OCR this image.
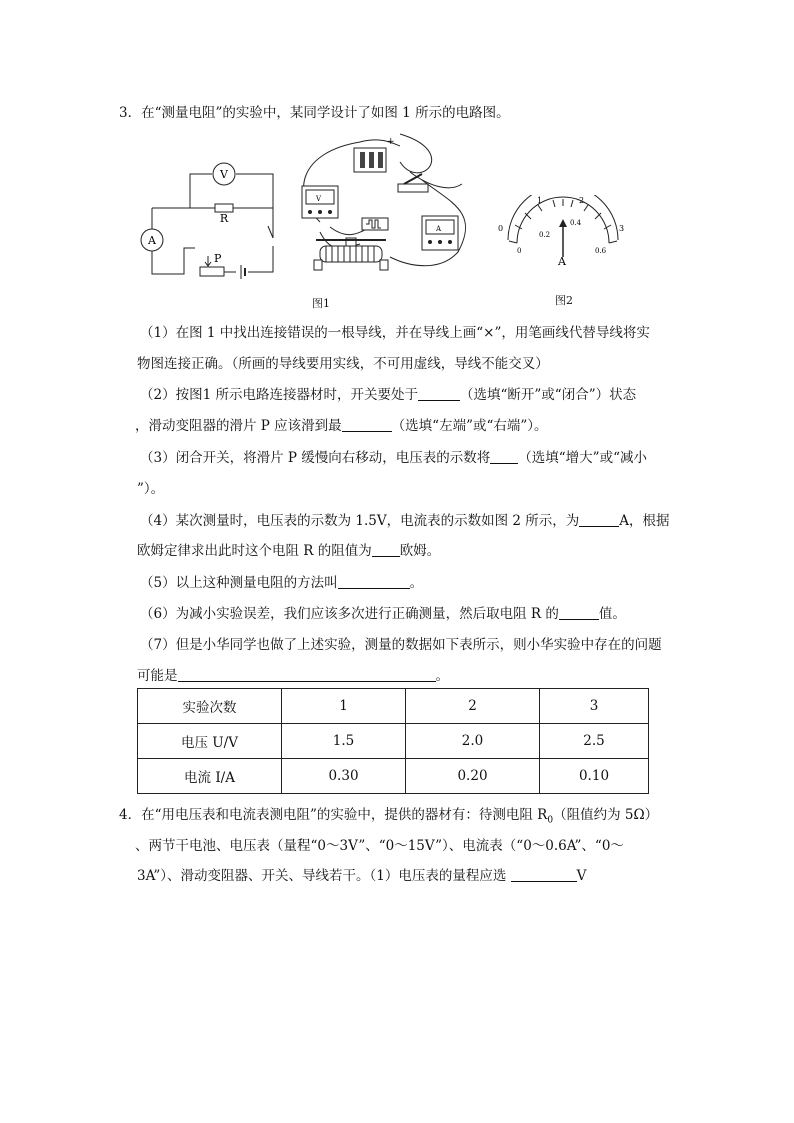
3．在“测量电阻”的实验中，某同学设计了如图 1 所示的电路图。
V
A
R
P
+
V
A
图1
0
1	2
3
0
0.2
0.4
0.6
A
图2
（1）在图 1 中找出连接错误的一根导线，并在导线上画“×”，用笔画线代替导线将实
物图连接正确。（所画的导线要用实线，不可用虚线，导线不能交叉）
（2）按图1 所示电路连接器材时，开关要处于	（选填“断开”或“闭合”）状态
，滑动变阻器的滑片 P 应该滑到最	（选填“左端”或“右端”）。
（3）闭合开关，将滑片 P 缓慢向右移动，电压表的示数将 （选填“增大”或“减小
”）。
（4）某次测量时，电压表的示数为 1.5V，电流表的示数如图 2 所示，为	A，根据
欧姆定律求出此时这个电阻 R 的阻值为 欧姆。
（5）以上这种测量电阻的方法叫	。
（6）为减小实验误差，我们应该多次进行正确测量，然后取电阻 R 的	值。
（7）但是小华同学也做了上述实验，测量的数据如下表所示，则小华实验中存在的问题
可能是	。
实验次数	1	2	3
电压 U/V	1.5	2.0	2.5
电流 I/A	0.30	0.20	0.10
4．在“用电压表和电流表测电阻”的实验中，提供的器材有：待测电阻 $R_0$（阻值约为 5Ω）
、两节干电池、电压表（量程“0～3V”、“0～15V”）、电流表（“0～0.6A”、“0～
3A”）、滑动变阻器、开关、导线若干。（1）电压表的量程应选	V
